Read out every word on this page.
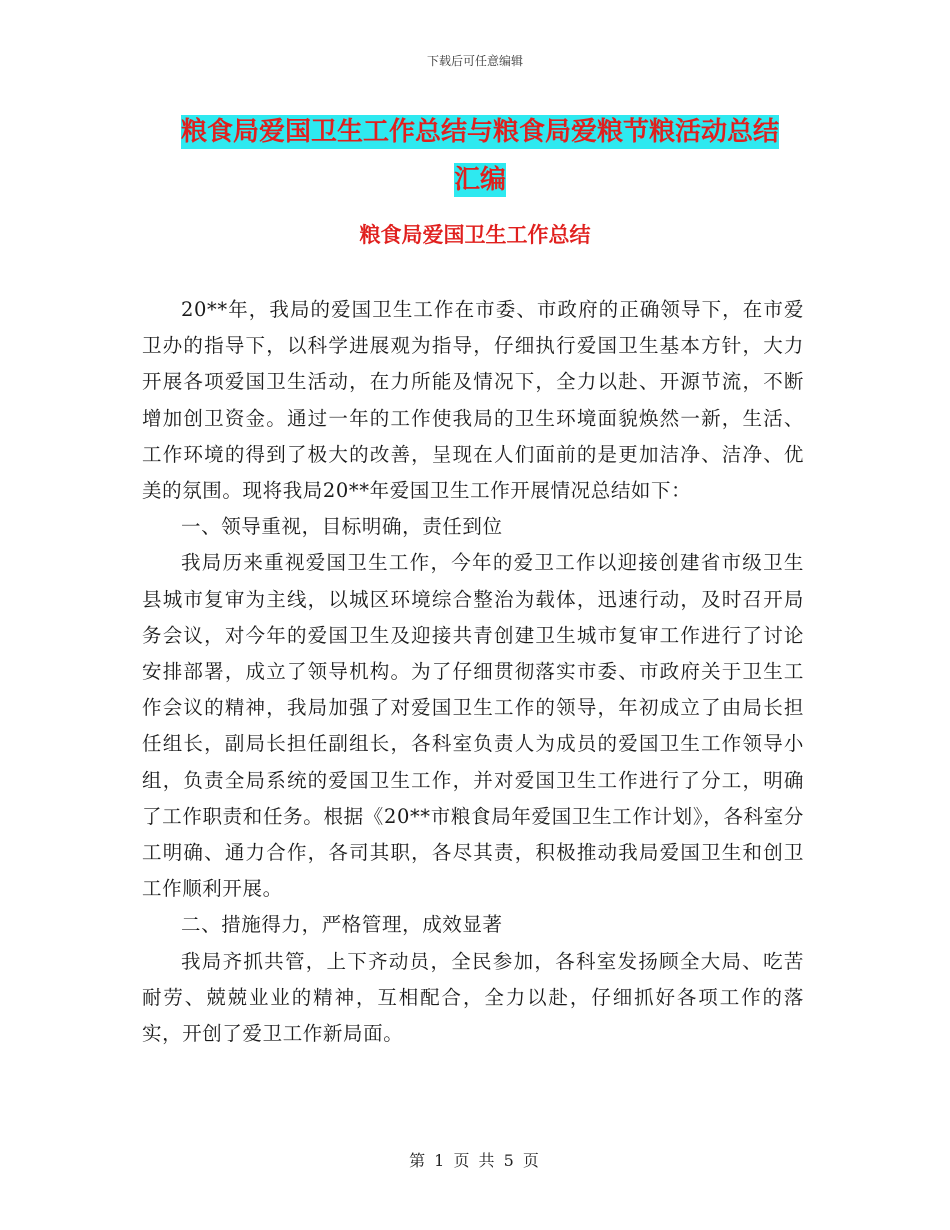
下载后可任意编辑
粮食局爱国卫生工作总结与粮食局爱粮节粮活动总结
汇编
粮食局爱国卫生工作总结

20**年，我局的爱国卫生工作在市委、市政府的正确领导下，在市爱卫办的指导下，以科学进展观为指导，仔细执行爱国卫生基本方针，大力开展各项爱国卫生活动，在力所能及情况下，全力以赴、开源节流，不断增加创卫资金。通过一年的工作使我局的卫生环境面貌焕然一新，生活、工作环境的得到了极大的改善，呈现在人们面前的是更加洁净、洁净、优美的氛围。现将我局20**年爱国卫生工作开展情况总结如下：

一、领导重视，目标明确，责任到位

我局历来重视爱国卫生工作，今年的爱卫工作以迎接创建省市级卫生县城市复审为主线，以城区环境综合整治为载体，迅速行动，及时召开局务会议，对今年的爱国卫生及迎接共青创建卫生城市复审工作进行了讨论安排部署，成立了领导机构。为了仔细贯彻落实市委、市政府关于卫生工作会议的精神，我局加强了对爱国卫生工作的领导，年初成立了由局长担任组长，副局长担任副组长，各科室负责人为成员的爱国卫生工作领导小组，负责全局系统的爱国卫生工作，并对爱国卫生工作进行了分工，明确了工作职责和任务。根据《20**市粮食局年爱国卫生工作计划》，各科室分工明确、通力合作，各司其职，各尽其责，积极推动我局爱国卫生和创卫工作顺利开展。

二、措施得力，严格管理，成效显著

我局齐抓共管，上下齐动员，全民参加，各科室发扬顾全大局、吃苦耐劳、兢兢业业的精神，互相配合，全力以赴，仔细抓好各项工作的落实，开创了爱卫工作新局面。

第 1 页 共 5 页
